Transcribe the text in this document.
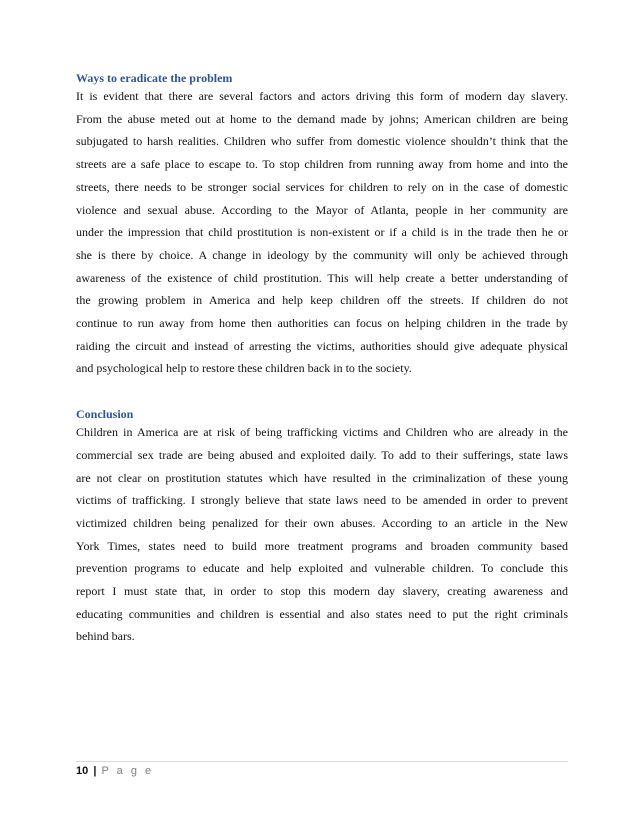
Ways to eradicate the problem

It is evident that there are several factors and actors driving this form of modern day slavery.
From the abuse meted out at home to the demand made by johns; American children are being
subjugated to harsh realities. Children who suffer from domestic violence shouldn’t think that the
streets are a safe place to escape to. To stop children from running away from home and into the
streets, there needs to be stronger social services for children to rely on in the case of domestic
violence and sexual abuse. According to the Mayor of Atlanta, people in her community are
under the impression that child prostitution is non-existent or if a child is in the trade then he or
she is there by choice. A change in ideology by the community will only be achieved through
awareness of the existence of child prostitution. This will help create a better understanding of
the growing problem in America and help keep children off the streets. If children do not
continue to run away from home then authorities can focus on helping children in the trade by
raiding the circuit and instead of arresting the victims, authorities should give adequate physical
and psychological help to restore these children back in to the society.

Conclusion

Children in America are at risk of being trafficking victims and Children who are already in the
commercial sex trade are being abused and exploited daily. To add to their sufferings, state laws
are not clear on prostitution statutes which have resulted in the criminalization of these young
victims of trafficking. I strongly believe that state laws need to be amended in order to prevent
victimized children being penalized for their own abuses. According to an article in the New
York Times, states need to build more treatment programs and broaden community based
prevention programs to educate and help exploited and vulnerable children. To conclude this
report I must state that, in order to stop this modern day slavery, creating awareness and
educating communities and children is essential and also states need to put the right criminals
behind bars.

10 | P a g e
